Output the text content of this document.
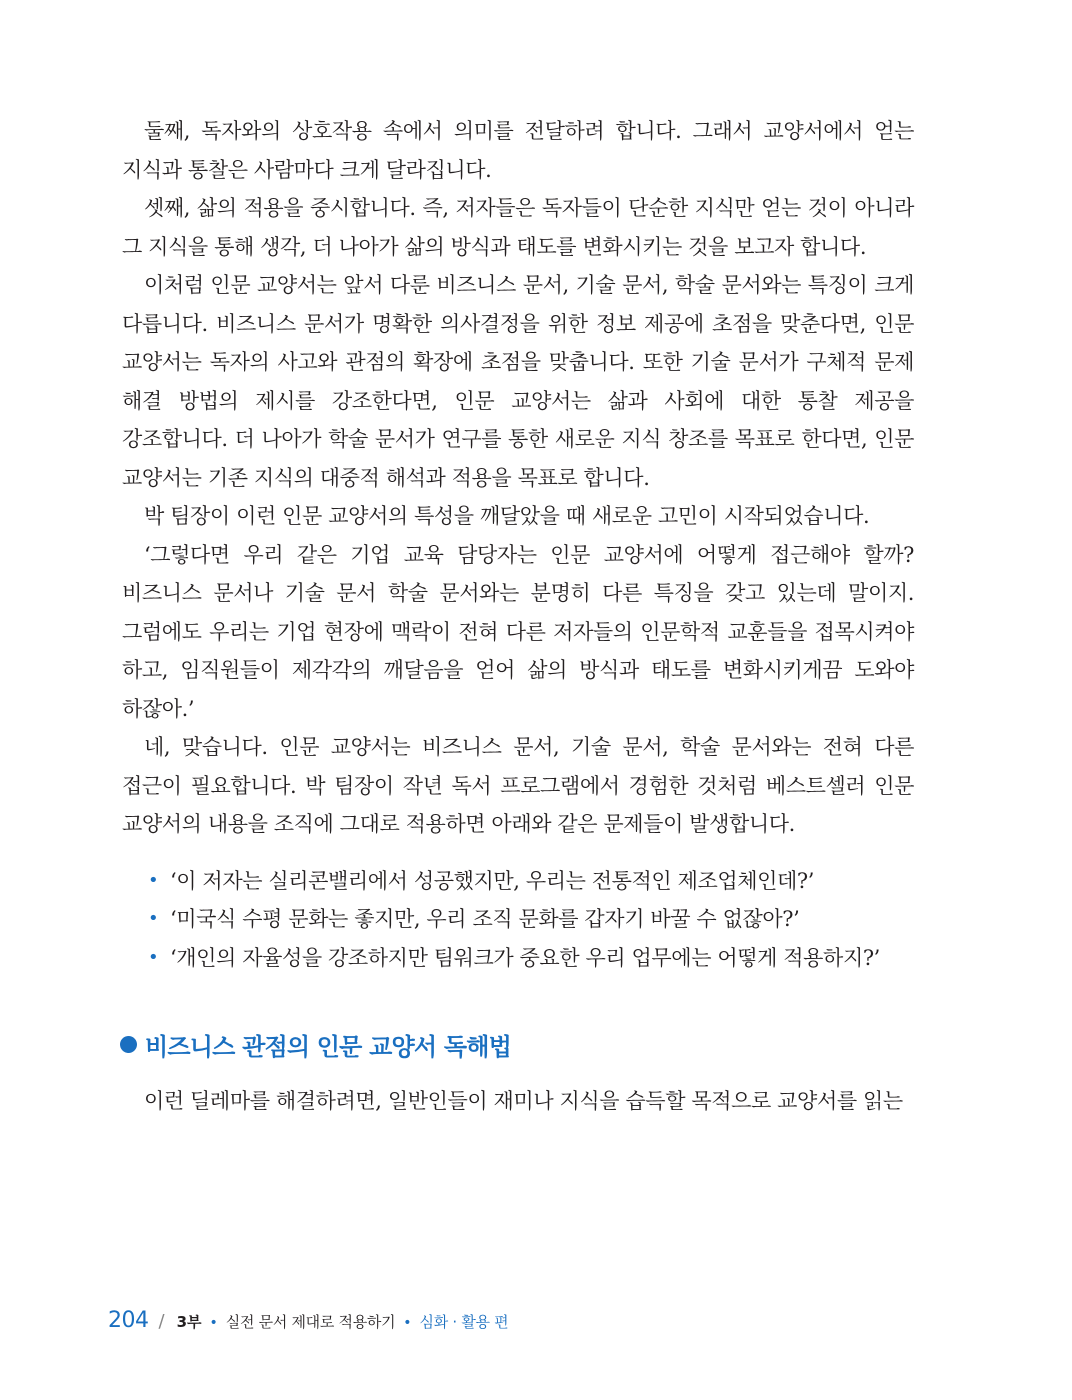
둘째, 독자와의 상호작용 속에서 의미를 전달하려 합니다. 그래서 교양서에서 얻는 지식과 통찰은 사람마다 크게 달라집니다.

셋째, 삶의 적용을 중시합니다. 즉, 저자들은 독자들이 단순한 지식만 얻는 것이 아니라 그 지식을 통해 생각, 더 나아가 삶의 방식과 태도를 변화시키는 것을 보고자 합니다.

이처럼 인문 교양서는 앞서 다룬 비즈니스 문서, 기술 문서, 학술 문서와는 특징이 크게 다릅니다. 비즈니스 문서가 명확한 의사결정을 위한 정보 제공에 초점을 맞춘다면, 인문 교양서는 독자의 사고와 관점의 확장에 초점을 맞춥니다. 또한 기술 문서가 구체적 문제 해결 방법의 제시를 강조한다면, 인문 교양서는 삶과 사회에 대한 통찰 제공을 강조합니다. 더 나아가 학술 문서가 연구를 통한 새로운 지식 창조를 목표로 한다면, 인문 교양서는 기존 지식의 대중적 해석과 적용을 목표로 합니다.

박 팀장이 이런 인문 교양서의 특성을 깨달았을 때 새로운 고민이 시작되었습니다.

‘그렇다면 우리 같은 기업 교육 담당자는 인문 교양서에 어떻게 접근해야 할까? 비즈니스 문서나 기술 문서 학술 문서와는 분명히 다른 특징을 갖고 있는데 말이지. 그럼에도 우리는 기업 현장에 맥락이 전혀 다른 저자들의 인문학적 교훈들을 접목시켜야 하고, 임직원들이 제각각의 깨달음을 얻어 삶의 방식과 태도를 변화시키게끔 도와야 하잖아.’

네, 맞습니다. 인문 교양서는 비즈니스 문서, 기술 문서, 학술 문서와는 전혀 다른 접근이 필요합니다. 박 팀장이 작년 독서 프로그램에서 경험한 것처럼 베스트셀러 인문 교양서의 내용을 조직에 그대로 적용하면 아래와 같은 문제들이 발생합니다.

• ‘이 저자는 실리콘밸리에서 성공했지만, 우리는 전통적인 제조업체인데?’
• ‘미국식 수평 문화는 좋지만, 우리 조직 문화를 갑자기 바꿀 수 없잖아?’
• ‘개인의 자율성을 강조하지만 팀워크가 중요한 우리 업무에는 어떻게 적용하지?’
비즈니스 관점의 인문 교양서 독해법

이런 딜레마를 해결하려면, 일반인들이 재미나 지식을 습득할 목적으로 교양서를 읽는

204 / 3부 • 실전 문서 제대로 적용하기 • 심화 · 활용 편
